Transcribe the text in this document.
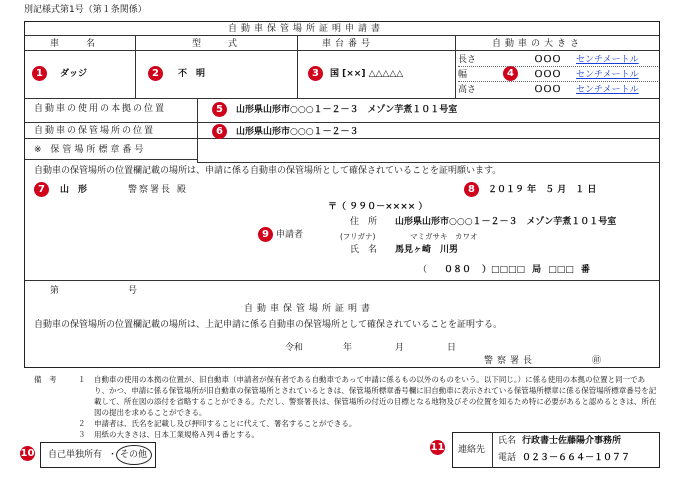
別記様式第1号（第１条関係）
自動車保管場所証明申請書
車　　　名	型　　　式	車台番号	自動車の大きさ
1	ダッジ	2	不　明	3	国 [××] △△△△△	4
長さ	ＯＯＯ センチメートル
幅	ＯＯＯ センチメートル
高さ	ＯＯＯ センチメートル
自動車の使用の本拠の位置	5	山形県山形市○○○１－２－３　メゾン芋煮１０１号室
自動車の保管場所の位置	6	山形県山形市○○○１－２－３
※ 保管場所標章番号
自動車の保管場所の位置欄記載の場所は、申請に係る自動車の保管場所として確保されていることを証明願います。
7	山　形	警察署長 殿	8	２０１９ 年　５ 月　１ 日
〒（ ９９０－×××× ）
9 申請者
住　所 山形県山形市○○○１－２－３　メゾン芋煮１０１号室
(フリガナ)	マミガサキ　カワオ
氏　名 馬見ヶ崎　川男
（ ０８０ ）□□□□ 局 □□□ 番
第	号
自動車保管場所証明書
自動車の保管場所の位置欄記載の場所は、上記申請に係る自動車の保管場所として確保されていることを証明する。
令和	年	月	日
警察署長	㊞
備　考	１	自動車の使用の本拠の位置が、旧自動車（申請者が保有者である自動車であって申請に係るもの以外のものをいう。以下同じ。）に係る使用の本拠の位置と同一であり、かつ、申請に係る保管場所が旧自動車の保管場所とされているときは、保管場所標章番号欄に旧自動車に表示されている保管場所標章に係る保管場所標章番号を記載して、所在図の添付を省略することができる。ただし、警察署長は、保管場所の付近の目標となる地物及びその位置を知るため特に必要があると認めるときは、所在図の提出を求めることができる。
２	申請者は、氏名を記載し及び押印することに代えて、署名することができる。
３	用紙の大きさは、日本工業規格Ａ列４番とする。
10 自己単独所有 ・ その他
11 連絡先
氏名 行政書士佐藤陽介事務所
電話 ０２３－６６４－１０７７
